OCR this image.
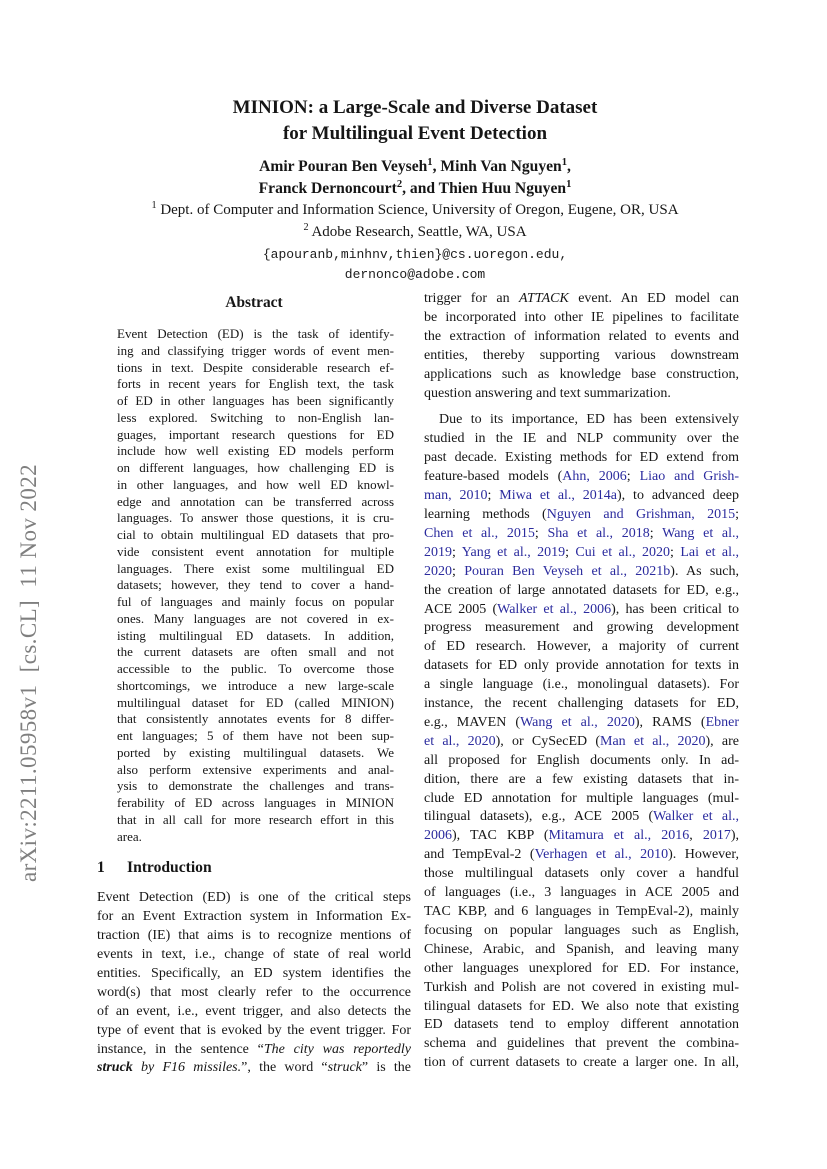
arXiv:2211.05958v1  [cs.CL]  11 Nov 2022
MINION: a Large-Scale and Diverse Dataset
for Multilingual Event Detection
Amir Pouran Ben Veyseh$^1$, Minh Van Nguyen$^1$,
Franck Dernoncourt$^2$, and Thien Huu Nguyen$^1$
$^1$ Dept. of Computer and Information Science, University of Oregon, Eugene, OR, USA
$^2$ Adobe Research, Seattle, WA, USA
{apouranb,minhnv,thien}@cs.uoregon.edu,
dernonco@adobe.com
Abstract
Event Detection (ED) is the task of identify-
ing and classifying trigger words of event men-
tions in text. Despite considerable research ef-
forts in recent years for English text, the task
of ED in other languages has been significantly
less explored. Switching to non-English lan-
guages, important research questions for ED
include how well existing ED models perform
on different languages, how challenging ED is
in other languages, and how well ED knowl-
edge and annotation can be transferred across
languages. To answer those questions, it is cru-
cial to obtain multilingual ED datasets that pro-
vide consistent event annotation for multiple
languages. There exist some multilingual ED
datasets; however, they tend to cover a hand-
ful of languages and mainly focus on popular
ones. Many languages are not covered in ex-
isting multilingual ED datasets. In addition,
the current datasets are often small and not
accessible to the public. To overcome those
shortcomings, we introduce a new large-scale
multilingual dataset for ED (called MINION)
that consistently annotates events for 8 differ-
ent languages; 5 of them have not been sup-
ported by existing multilingual datasets. We
also perform extensive experiments and anal-
ysis to demonstrate the challenges and trans-
ferability of ED across languages in MINION
that in all call for more research effort in this
area.
1 Introduction
Event Detection (ED) is one of the critical steps
for an Event Extraction system in Information Ex-
traction (IE) that aims is to recognize mentions of
events in text, i.e., change of state of real world
entities. Specifically, an ED system identifies the
word(s) that most clearly refer to the occurrence
of an event, i.e., event trigger, and also detects the
type of event that is evoked by the event trigger. For
instance, in the sentence “The city was reportedly
struck by F16 missiles.”, the word “struck” is the
trigger for an ATTACK event. An ED model can
be incorporated into other IE pipelines to facilitate
the extraction of information related to events and
entities, thereby supporting various downstream
applications such as knowledge base construction,
question answering and text summarization.
Due to its importance, ED has been extensively
studied in the IE and NLP community over the
past decade. Existing methods for ED extend from
feature-based models (Ahn, 2006; Liao and Grish-
man, 2010; Miwa et al., 2014a), to advanced deep
learning methods (Nguyen and Grishman, 2015;
Chen et al., 2015; Sha et al., 2018; Wang et al.,
2019; Yang et al., 2019; Cui et al., 2020; Lai et al.,
2020; Pouran Ben Veyseh et al., 2021b). As such,
the creation of large annotated datasets for ED, e.g.,
ACE 2005 (Walker et al., 2006), has been critical to
progress measurement and growing development
of ED research. However, a majority of current
datasets for ED only provide annotation for texts in
a single language (i.e., monolingual datasets). For
instance, the recent challenging datasets for ED,
e.g., MAVEN (Wang et al., 2020), RAMS (Ebner
et al., 2020), or CySecED (Man et al., 2020), are
all proposed for English documents only. In ad-
dition, there are a few existing datasets that in-
clude ED annotation for multiple languages (mul-
tilingual datasets), e.g., ACE 2005 (Walker et al.,
2006), TAC KBP (Mitamura et al., 2016, 2017),
and TempEval-2 (Verhagen et al., 2010). However,
those multilingual datasets only cover a handful
of languages (i.e., 3 languages in ACE 2005 and
TAC KBP, and 6 languages in TempEval-2), mainly
focusing on popular languages such as English,
Chinese, Arabic, and Spanish, and leaving many
other languages unexplored for ED. For instance,
Turkish and Polish are not covered in existing mul-
tilingual datasets for ED. We also note that existing
ED datasets tend to employ different annotation
schema and guidelines that prevent the combina-
tion of current datasets to create a larger one. In all,
